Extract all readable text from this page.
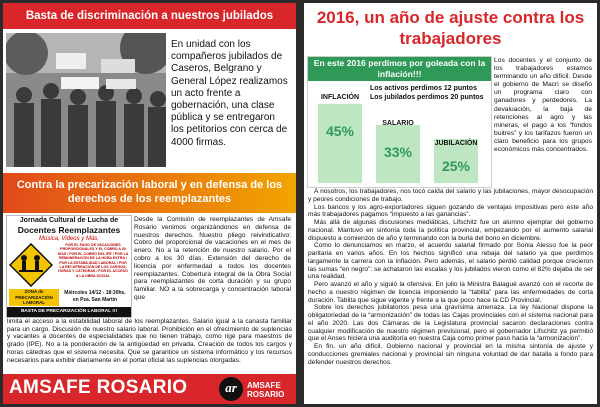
Basta de discriminación a nuestros jubilados
En unidad con los compañeros jubilados de Caseros, Belgrano y General López realizamos un acto frente a gobernación, una clase pública y se entregaron los petitorios con cerca de 4000 firmas.
Contra la precarización laboral y en defensa de los derechos de los reemplazantes
Jornada Cultural de Lucha de
Docentes Reemplazantes
Música, Videos y Más.
POR EL PAGO DE VACACIONES PROPORCIONALES Y EL COBRO A 30 DÍAS / POR EL COBRO DEL IPE / POR LA REMUNERACIÓN DE LA HORA EXTRA / POR LA ESTABILIDAD LABORAL / POR LA RECUPERACIÓN DE LOS CARGOS, HORAS Y CÁTEDRAS / POR EL ACCESO A LA OBRA SOCIAL
ZONA de PRECARIZACIÓN LABORAL
Miércoles 14/12 - 18:30hs.
en Pza. San Martín
BASTA DE PRECARIZACIÓN LABORAL !!!
Desde la Comisión de reemplazantes de Amsafe Rosario venimos organizándonos en defensa de nuestros derechos. Nuestro pliego reivindicativo: Cobro del proporcional de vacaciones en el mes de enero. No a la retención de nuestro salario. Por el cobro a los 30 días. Extensión del derecho de licencia por enfermedad a todos los docentes reemplazantes. Cobertura integral de la Obra Social para reemplazantes de corta duración y su grupo familiar. NO a la sobrecarga y concentración laboral que
limita el acceso a la estabilidad laboral de los reemplazantes. Salario igual a la canasta familiar para un cargo. Discusión de nuestro salario laboral. Prohibición en el ofrecimiento de suplencias y vacantes a docentes de especialidades que no tienen trabajo, como rige para maestros de grado (IPE). No a la ponderación de la antigüedad en privada. Creación de todos los cargos y horas cátedras que el sistema necesita. Que se garantice un sistema informático y los recursos necesarios para exhibir diariamente en el portal oficial las suplencias otorgadas.
AMSAFE ROSARIO	ar	AMSAFE
ROSARIO
2016, un año de ajuste contra los trabajadores
En este 2016 perdimos por goleada con la inflación!!!
Los activos perdimos 12 puntos
Los jubilados perdimos 20 puntos
45%
INFLACIÓN
33%
SALARIO
25%
JUBILACIÓN
Los docentes y el conjunto de los trabajadores estamos terminando un año difícil. Desde el gobierno de Macri se diseñó un programa claro con ganadores y perdedores. La devaluación, la baja de retenciones al agro y las mineras, el pago a los “fondos buitres” y los tarifazos fueron un claro beneficio para los grupos económicos más concentrados.

A nosotros, los trabajadores, nos tocó caída del salario y las jubilaciones, mayor desocupación y peores condiciones de trabajo.

Los bancos y los agro-exportadores siguen gozando de ventajas impositivas pero este año más trabajadores pagamos “impuesto a las ganancias”.

Más allá de algunas discusiones mediáticas, Lifschitz fue un alumno ejemplar del gobierno nacional. Mantuvo en sintonía toda la política provincial, empezando por el aumento salarial dispuesto a comienzos de año y terminando con la burla del bono en diciembre.

Como lo denunciamos en marzo, el acuerdo salarial firmado por Sonia Alesso fue la peor paritaria en varios años. En los hechos significó una rebaja del salario ya que perdimos largamente la carrera con la inflación. Pero además, el salario perdió calidad porque crecieron las sumas “en negro”: se achataron las escalas y los jubilados vieron como el 82% dejaba de ser una realidad.

Pero avanzó el año y siguió la ofensiva. En julio la Ministra Balagué avanzó con el recorte de hecho a nuestro régimen de licencia imponiendo la “tablita” para las enfermedades de corta duración. Tablita que sigue vigente y frente a la que poco hace la CD Provincial.

Sobre los derechos jubilatorios pesa una gravísima amenaza. La ley Nacional dispone la obligatoriedad de la “armonización” de todas las Cajas provinciales con el sistema nacional para el año 2020. Las dos Cámaras de la Legislatura provincial sacaron declaraciones contra cualquier modificación de nuestro régimen previsional, pero el gobernador Lifschitz ya permitió que el Anses hiciera una auditoría en nuestra Caja como primer paso hacia la “armonización”.

En fin, un año difícil. Gobierno nacional y provincial en la misma sintonía de ajuste y conducciones gremiales nacional y provincial sin ninguna voluntad de dar batalla a fondo para defender nuestros derechos.
